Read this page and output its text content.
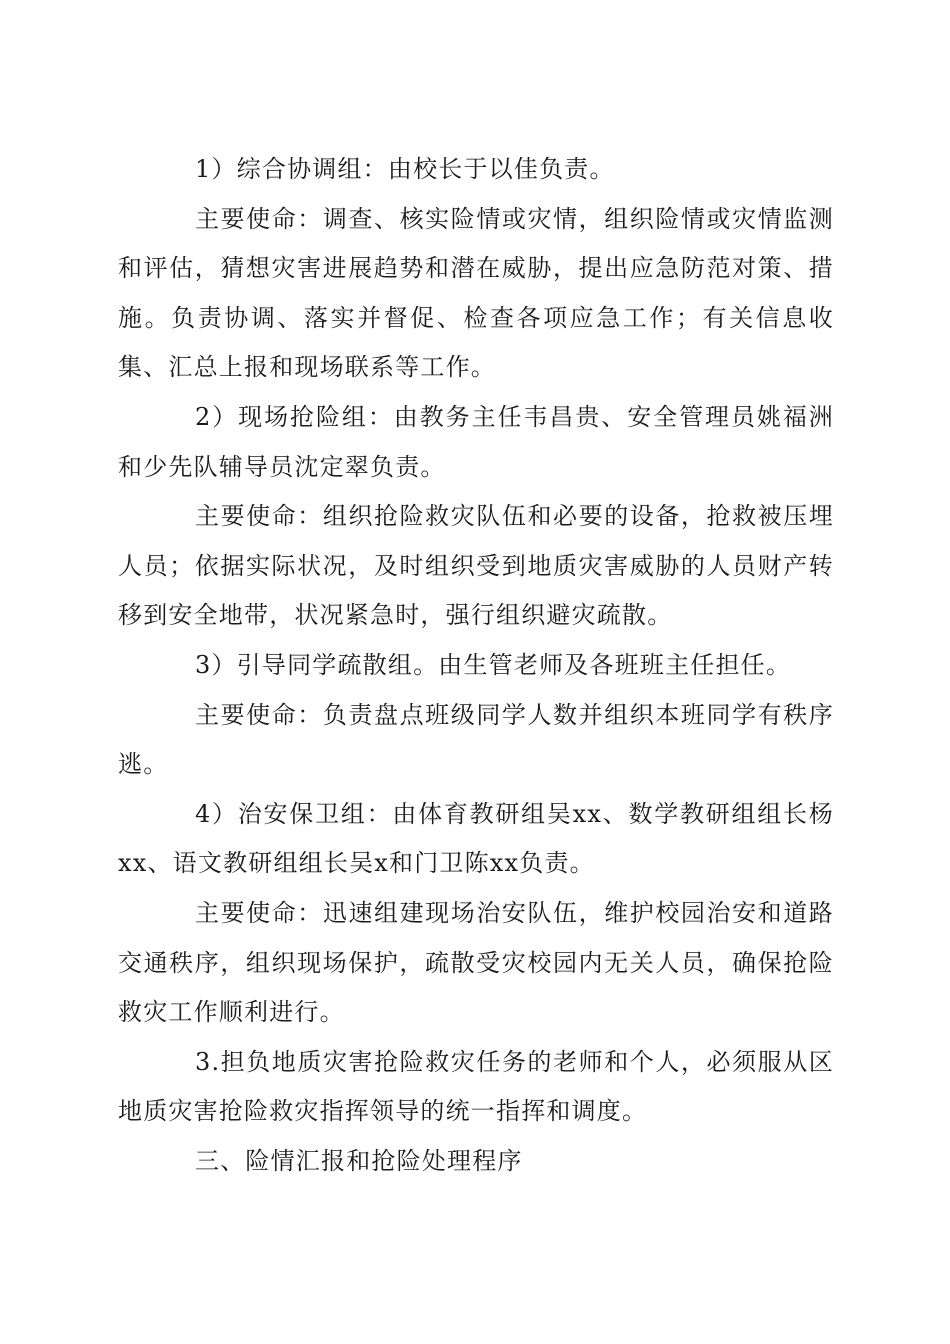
1）综合协调组：由校长于以佳负责。

主要使命：调查、核实险情或灾情，组织险情或灾情监测和评估，猜想灾害进展趋势和潜在威胁，提出应急防范对策、措施。负责协调、落实并督促、检查各项应急工作；有关信息收集、汇总上报和现场联系等工作。

2）现场抢险组：由教务主任韦昌贵、安全管理员姚福洲和少先队辅导员沈定翠负责。

主要使命：组织抢险救灾队伍和必要的设备，抢救被压埋人员；依据实际状况，及时组织受到地质灾害威胁的人员财产转移到安全地带，状况紧急时，强行组织避灾疏散。

3）引导同学疏散组。由生管老师及各班班主任担任。

主要使命：负责盘点班级同学人数并组织本班同学有秩序逃。

4）治安保卫组：由体育教研组吴xx、数学教研组组长杨xx、语文教研组组长吴x和门卫陈xx负责。

主要使命：迅速组建现场治安队伍，维护校园治安和道路交通秩序，组织现场保护，疏散受灾校园内无关人员，确保抢险救灾工作顺利进行。

3.担负地质灾害抢险救灾任务的老师和个人，必须服从区地质灾害抢险救灾指挥领导的统一指挥和调度。

三、险情汇报和抢险处理程序
